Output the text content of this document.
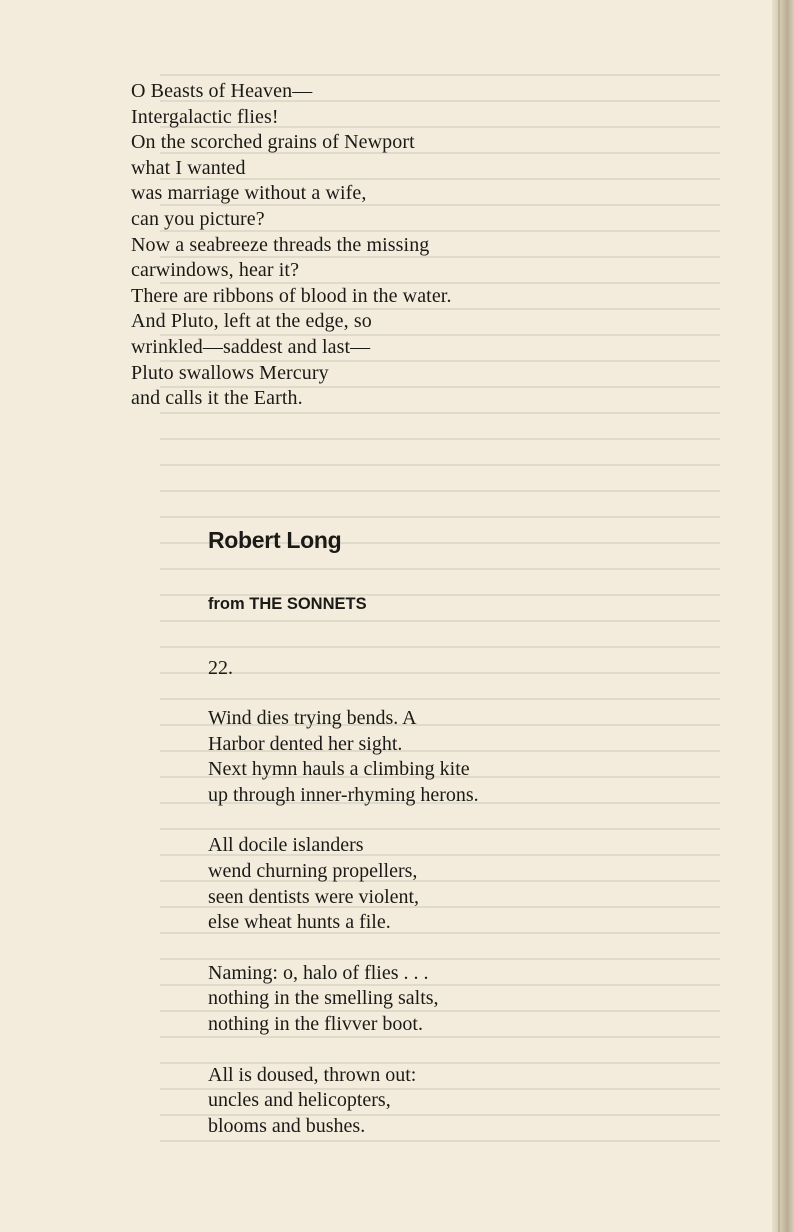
O Beasts of Heaven—
Intergalactic flies!
On the scorched grains of Newport
what I wanted
was marriage without a wife,
can you picture?
Now a seabreeze threads the missing
carwindows, hear it?
There are ribbons of blood in the water.
And Pluto, left at the edge, so
wrinkled—saddest and last—
Pluto swallows Mercury
and calls it the Earth.
Robert Long
from THE SONNETS
22.
Wind dies trying bends. A
Harbor dented her sight.
Next hymn hauls a climbing kite
up through inner-rhyming herons.
All docile islanders
wend churning propellers,
seen dentists were violent,
else wheat hunts a file.
Naming: o, halo of flies . . .
nothing in the smelling salts,
nothing in the flivver boot.
All is doused, thrown out:
uncles and helicopters,
blooms and bushes.
